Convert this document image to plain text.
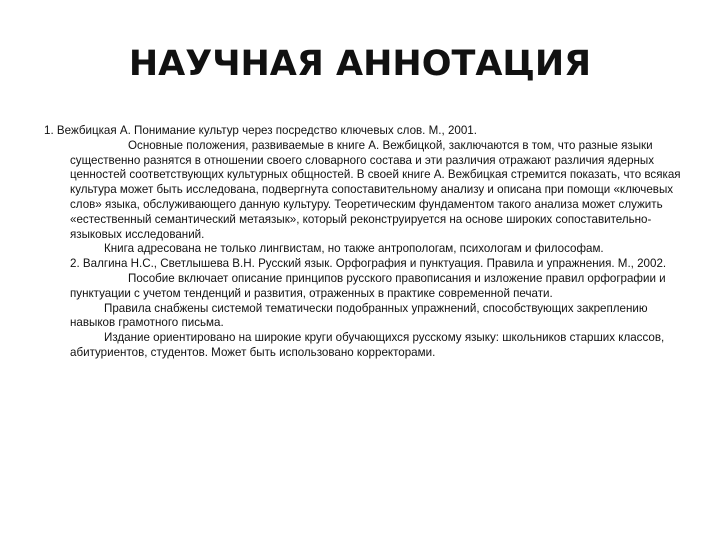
НАУЧНАЯ АННОТАЦИЯ

1. Вежбицкая А. Понимание культур через посредство ключевых слов. М., 2001.

Основные положения, развиваемые в книге А. Вежбицкой, заключаются в том, что разные языки существенно разнятся в отношении своего словарного состава и эти различия отражают различия ядерных ценностей соответствующих культурных общностей. В своей книге А. Вежбицкая стремится показать, что всякая культура может быть исследована, подвергнута сопоставительному анализу и описана при помощи «ключевых слов» языка, обслуживающего данную культуру. Теоретическим фундаментом такого анализа может служить «естественный семантический метаязык», который реконструируется на основе широких сопоставительно-языковых исследований.

Книга адресована не только лингвистам, но также антропологам, психологам и философам.

2. Валгина Н.С., Светлышева В.Н. Русский язык. Орфография и пунктуация. Правила и упражнения. М., 2002.

Пособие включает описание принципов русского правописания и изложение правил орфографии и пунктуации с учетом тенденций и развития, отраженных в практике современной печати.

Правила снабжены системой тематически подобранных упражнений, способствующих закреплению навыков грамотного письма.

Издание ориентировано на широкие круги обучающихся русскому языку: школьников старших классов, абитуриентов, студентов. Может быть использовано корректорами.
